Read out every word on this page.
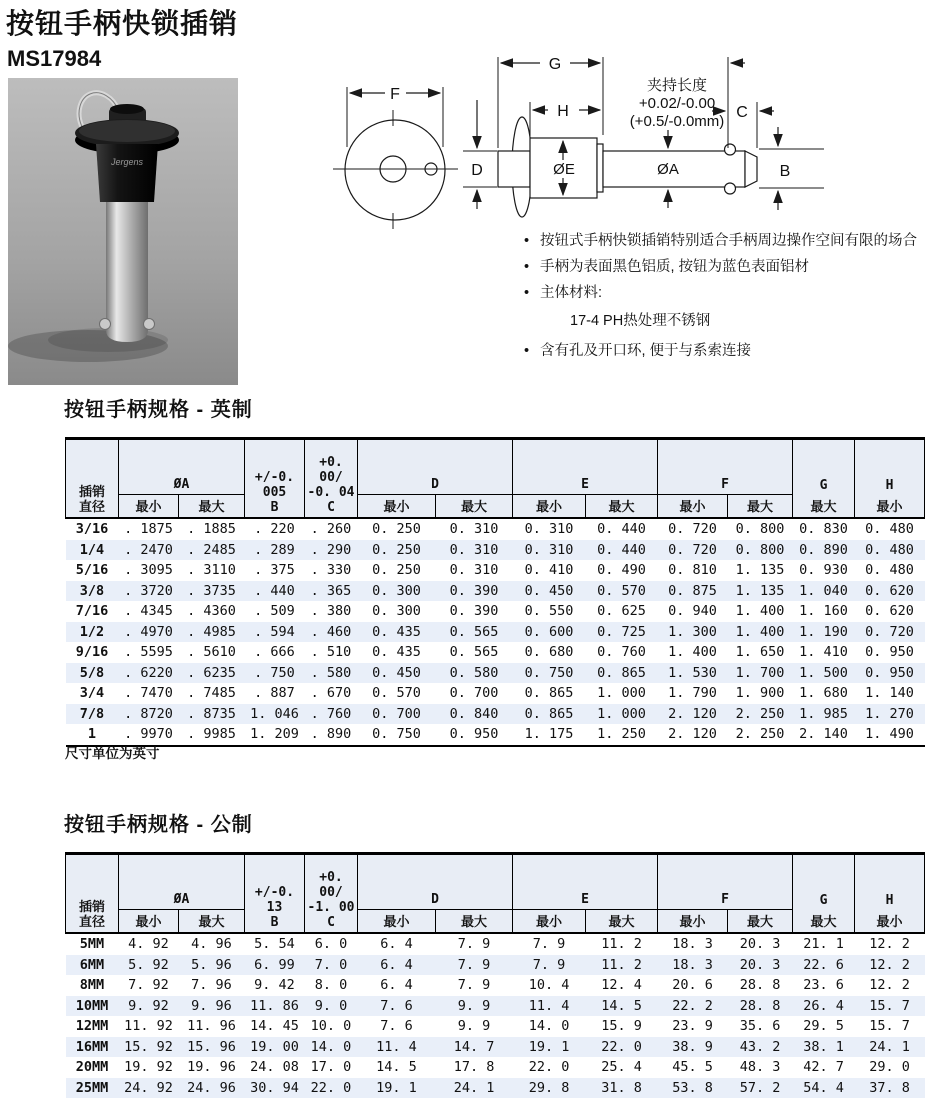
按钮手柄快锁插销
MS17984
Jergens
F
G
H
夹持长度
+0.02/-0.00
(+0.5/-0.0mm)
C
D	ØE	ØA	B
• 按钮式手柄快锁插销特别适合手柄周边操作空间有限的场合
• 手柄为表面黑色铝质, 按钮为蓝色表面铝材
• 主体材料:
17-4 PH热处理不锈钢
• 含有孔及开口环, 便于与系索连接
按钮手柄规格 - 英制
插销
直径	ØA		+/-0. 005
B	+0. 00/
-0. 04
C	D		E		F		G	H
	最小	最大			最小	最大	最小	最大	最小	最大	最大	最小
3/16	. 1875	. 1885	. 220	. 260	0. 250	0. 310	0. 310	0. 440	0. 720	0. 800	0. 830	0. 480
1/4	. 2470	. 2485	. 289	. 290	0. 250	0. 310	0. 310	0. 440	0. 720	0. 800	0. 890	0. 480
5/16	. 3095	. 3110	. 375	. 330	0. 250	0. 310	0. 410	0. 490	0. 810	1. 135	0. 930	0. 480
3/8	. 3720	. 3735	. 440	. 365	0. 300	0. 390	0. 450	0. 570	0. 875	1. 135	1. 040	0. 620
7/16	. 4345	. 4360	. 509	. 380	0. 300	0. 390	0. 550	0. 625	0. 940	1. 400	1. 160	0. 620
1/2	. 4970	. 4985	. 594	. 460	0. 435	0. 565	0. 600	0. 725	1. 300	1. 400	1. 190	0. 720
9/16	. 5595	. 5610	. 666	. 510	0. 435	0. 565	0. 680	0. 760	1. 400	1. 650	1. 410	0. 950
5/8	. 6220	. 6235	. 750	. 580	0. 450	0. 580	0. 750	0. 865	1. 530	1. 700	1. 500	0. 950
3/4	. 7470	. 7485	. 887	. 670	0. 570	0. 700	0. 865	1. 000	1. 790	1. 900	1. 680	1. 140
7/8	. 8720	. 8735	1. 046	. 760	0. 700	0. 840	0. 865	1. 000	2. 120	2. 250	1. 985	1. 270
1	. 9970	. 9985	1. 209	. 890	0. 750	0. 950	1. 175	1. 250	2. 120	2. 250	2. 140	1. 490
尺寸单位为英寸
按钮手柄规格 - 公制
插销
直径	ØA		+/-0. 13
B	+0. 00/
-1. 00
C	D		E		F		G	H
	最小	最大			最小	最大	最小	最大	最小	最大	最大	最小
5MM	4. 92	4. 96	5. 54	6. 0	6. 4	7. 9	7. 9	11. 2	18. 3	20. 3	21. 1	12. 2
6MM	5. 92	5. 96	6. 99	7. 0	6. 4	7. 9	7. 9	11. 2	18. 3	20. 3	22. 6	12. 2
8MM	7. 92	7. 96	9. 42	8. 0	6. 4	7. 9	10. 4	12. 4	20. 6	28. 8	23. 6	12. 2
10MM	9. 92	9. 96	11. 86	9. 0	7. 6	9. 9	11. 4	14. 5	22. 2	28. 8	26. 4	15. 7
12MM	11. 92	11. 96	14. 45	10. 0	7. 6	9. 9	14. 0	15. 9	23. 9	35. 6	29. 5	15. 7
16MM	15. 92	15. 96	19. 00	14. 0	11. 4	14. 7	19. 1	22. 0	38. 9	43. 2	38. 1	24. 1
20MM	19. 92	19. 96	24. 08	17. 0	14. 5	17. 8	22. 0	25. 4	45. 5	48. 3	42. 7	29. 0
25MM	24. 92	24. 96	30. 94	22. 0	19. 1	24. 1	29. 8	31. 8	53. 8	57. 2	54. 4	37. 8
